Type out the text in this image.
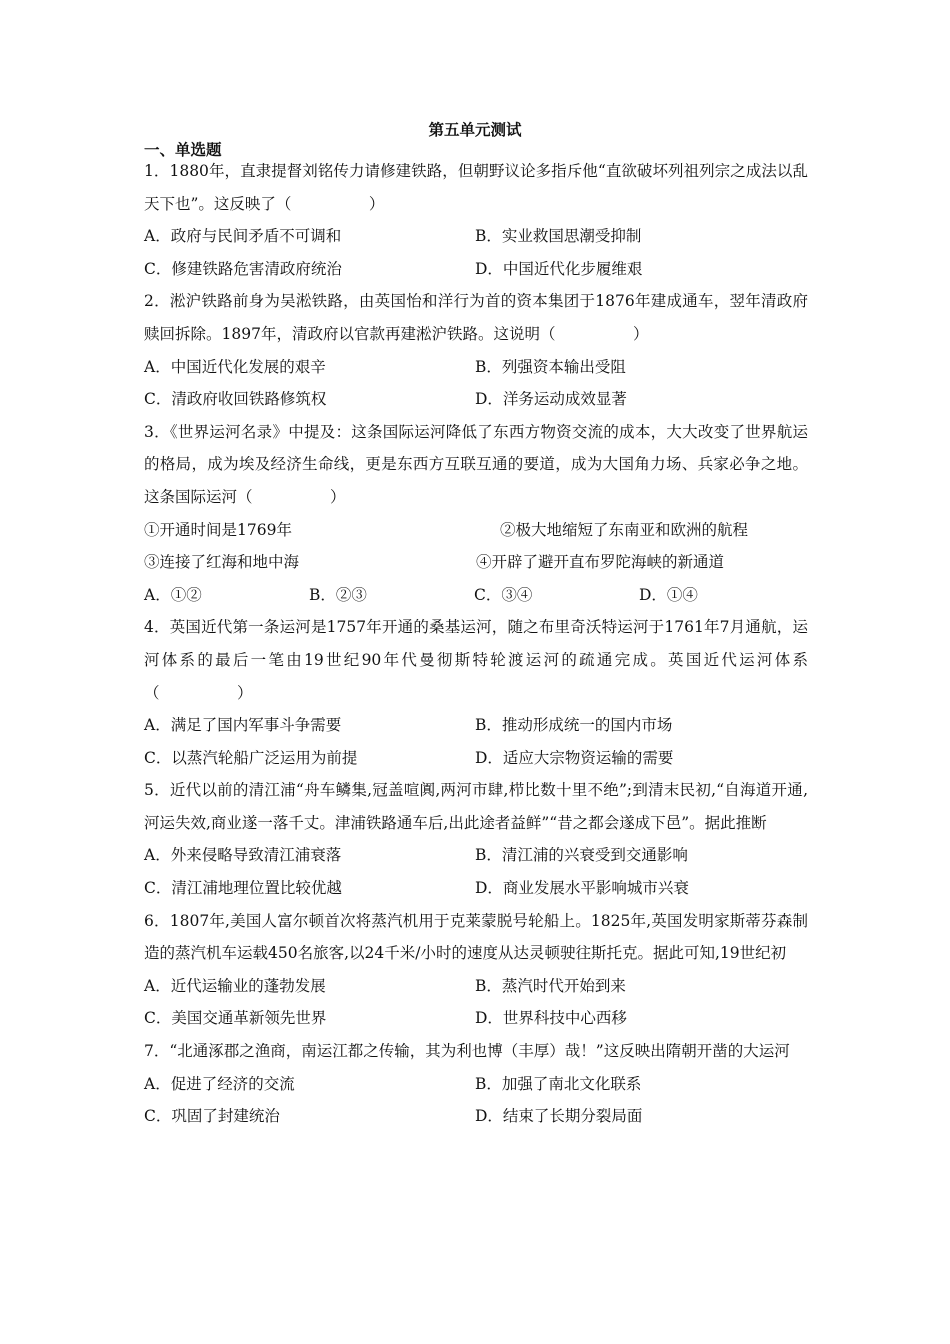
第五单元测试
一、单选题
1．1880年，直隶提督刘铭传力请修建铁路，但朝野议论多指斥他“直欲破坏列祖列宗之成法以乱天下也”。这反映了（　　　　　）
A．政府与民间矛盾不可调和	B．实业救国思潮受抑制
C．修建铁路危害清政府统治	D．中国近代化步履维艰
2．淞沪铁路前身为吴淞铁路，由英国怡和洋行为首的资本集团于1876年建成通车，翌年清政府赎回拆除。1897年，清政府以官款再建淞沪铁路。这说明（　　　　　）
A．中国近代化发展的艰辛	B．列强资本输出受阻
C．清政府收回铁路修筑权	D．洋务运动成效显著
3．《世界运河名录》中提及：这条国际运河降低了东西方物资交流的成本，大大改变了世界航运的格局，成为埃及经济生命线，更是东西方互联互通的要道，成为大国角力场、兵家必争之地。这条国际运河（　　　　　）
①开通时间是1769年	②极大地缩短了东南亚和欧洲的航程
③连接了红海和地中海	④开辟了避开直布罗陀海峡的新通道
A．①②	B．②③	C．③④	D．①④
4．英国近代第一条运河是1757年开通的桑基运河，随之布里奇沃特运河于1761年7月通航，运河体系的最后一笔由19世纪90年代曼彻斯特轮渡运河的疏通完成。英国近代运河体系（　　　　　）
A．满足了国内军事斗争需要	B．推动形成统一的国内市场
C．以蒸汽轮船广泛运用为前提	D．适应大宗物资运输的需要
5．近代以前的清江浦“舟车鳞集,冠盖喧阗,两河市肆,栉比数十里不绝”;到清末民初,“自海道开通,河运失效,商业遂一落千丈。津浦铁路通车后,出此途者益鲜”“昔之都会遂成下邑”。据此推断
A．外来侵略导致清江浦衰落	B．清江浦的兴衰受到交通影响
C．清江浦地理位置比较优越	D．商业发展水平影响城市兴衰
6．1807年,美国人富尔顿首次将蒸汽机用于克莱蒙脱号轮船上。1825年,英国发明家斯蒂芬森制造的蒸汽机车运载450名旅客,以24千米/小时的速度从达灵顿驶往斯托克。据此可知,19世纪初
A．近代运输业的蓬勃发展	B．蒸汽时代开始到来
C．美国交通革新领先世界	D．世界科技中心西移
7．“北通涿郡之渔商，南运江都之传输，其为利也博（丰厚）哉！”这反映出隋朝开凿的大运河
A．促进了经济的交流	B．加强了南北文化联系
C．巩固了封建统治	D．结束了长期分裂局面
